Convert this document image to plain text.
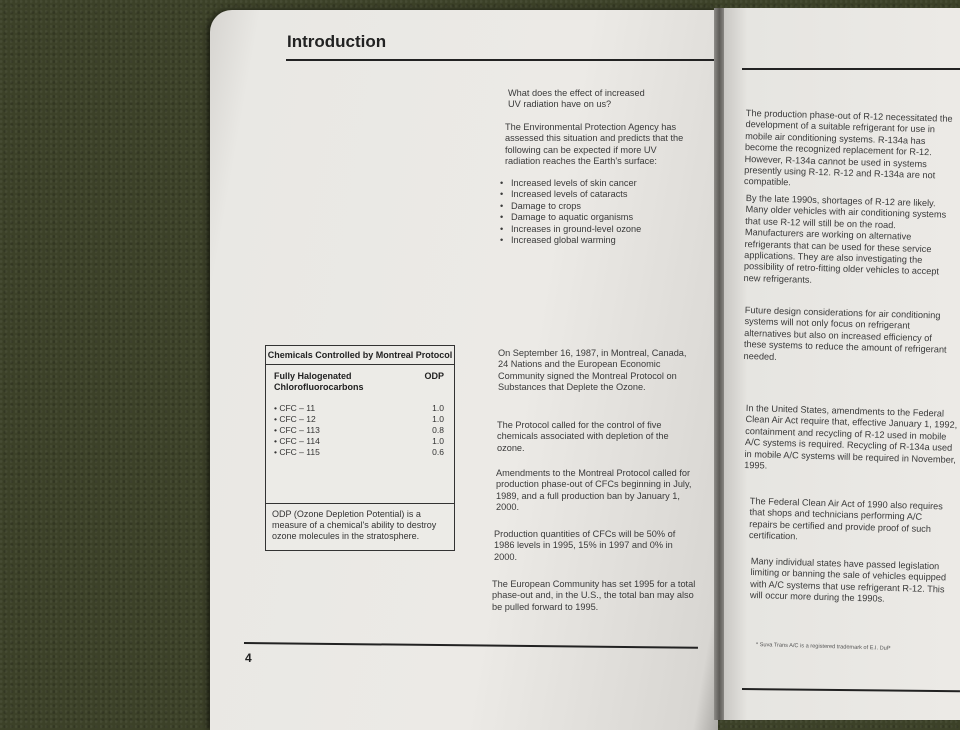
Introduction

What does the effect of increased UV radiation have on us?

The Environmental Protection Agency has assessed this situation and predicts that the following can be expected if more UV radiation reaches the Earth's surface:

• Increased levels of skin cancer
• Increased levels of cataracts
• Damage to crops
• Damage to aquatic organisms
• Increases in ground-level ozone
• Increased global warming
Chemicals Controlled by Montreal Protocol
Fully Halogenated Chlorofluorocarbons
ODP
• CFC – 11	1.0
• CFC – 12	1.0
• CFC – 113	0.8
• CFC – 114	1.0
• CFC – 115	0.6
ODP (Ozone Depletion Potential) is a measure of a chemical's ability to destroy ozone molecules in the stratosphere.

On September 16, 1987, in Montreal, Canada, 24 Nations and the European Economic Community signed the Montreal Protocol on Substances that Deplete the Ozone.

The Protocol called for the control of five chemicals associated with depletion of the ozone.

Amendments to the Montreal Protocol called for production phase-out of CFCs beginning in July, 1989, and a full production ban by January 1, 2000.

Production quantities of CFCs will be 50% of 1986 levels in 1995, 15% in 1997 and 0% in 2000.

The European Community has set 1995 for a total phase-out and, in the U.S., the total ban may also be pulled forward to 1995.

4

The production phase-out of R-12 necessitated the development of a suitable refrigerant for use in mobile air conditioning systems. R-134a has become the recognized replacement for R-12. However, R-134a cannot be used in systems presently using R-12. R-12 and R-134a are not compatible.

By the late 1990s, shortages of R-12 are likely. Many older vehicles with air conditioning systems that use R-12 will still be on the road. Manufacturers are working on alternative refrigerants that can be used for these service applications. They are also investigating the possibility of retro-fitting older vehicles to accept new refrigerants.

Future design considerations for air conditioning systems will not only focus on refrigerant alternatives but also on increased efficiency of these systems to reduce the amount of refrigerant needed.

In the United States, amendments to the Federal Clean Air Act require that, effective January 1, 1992, containment and recycling of R-12 used in mobile A/C systems is required. Recycling of R-134a used in mobile A/C systems will be required in November, 1995.

The Federal Clean Air Act of 1990 also requires that shops and technicians performing A/C repairs be certified and provide proof of such certification.

Many individual states have passed legislation limiting or banning the sale of vehicles equipped with A/C systems that use refrigerant R-12. This will occur more during the 1990s.

* Suva Trans A/C is a registered trademark of E.I. DuP
